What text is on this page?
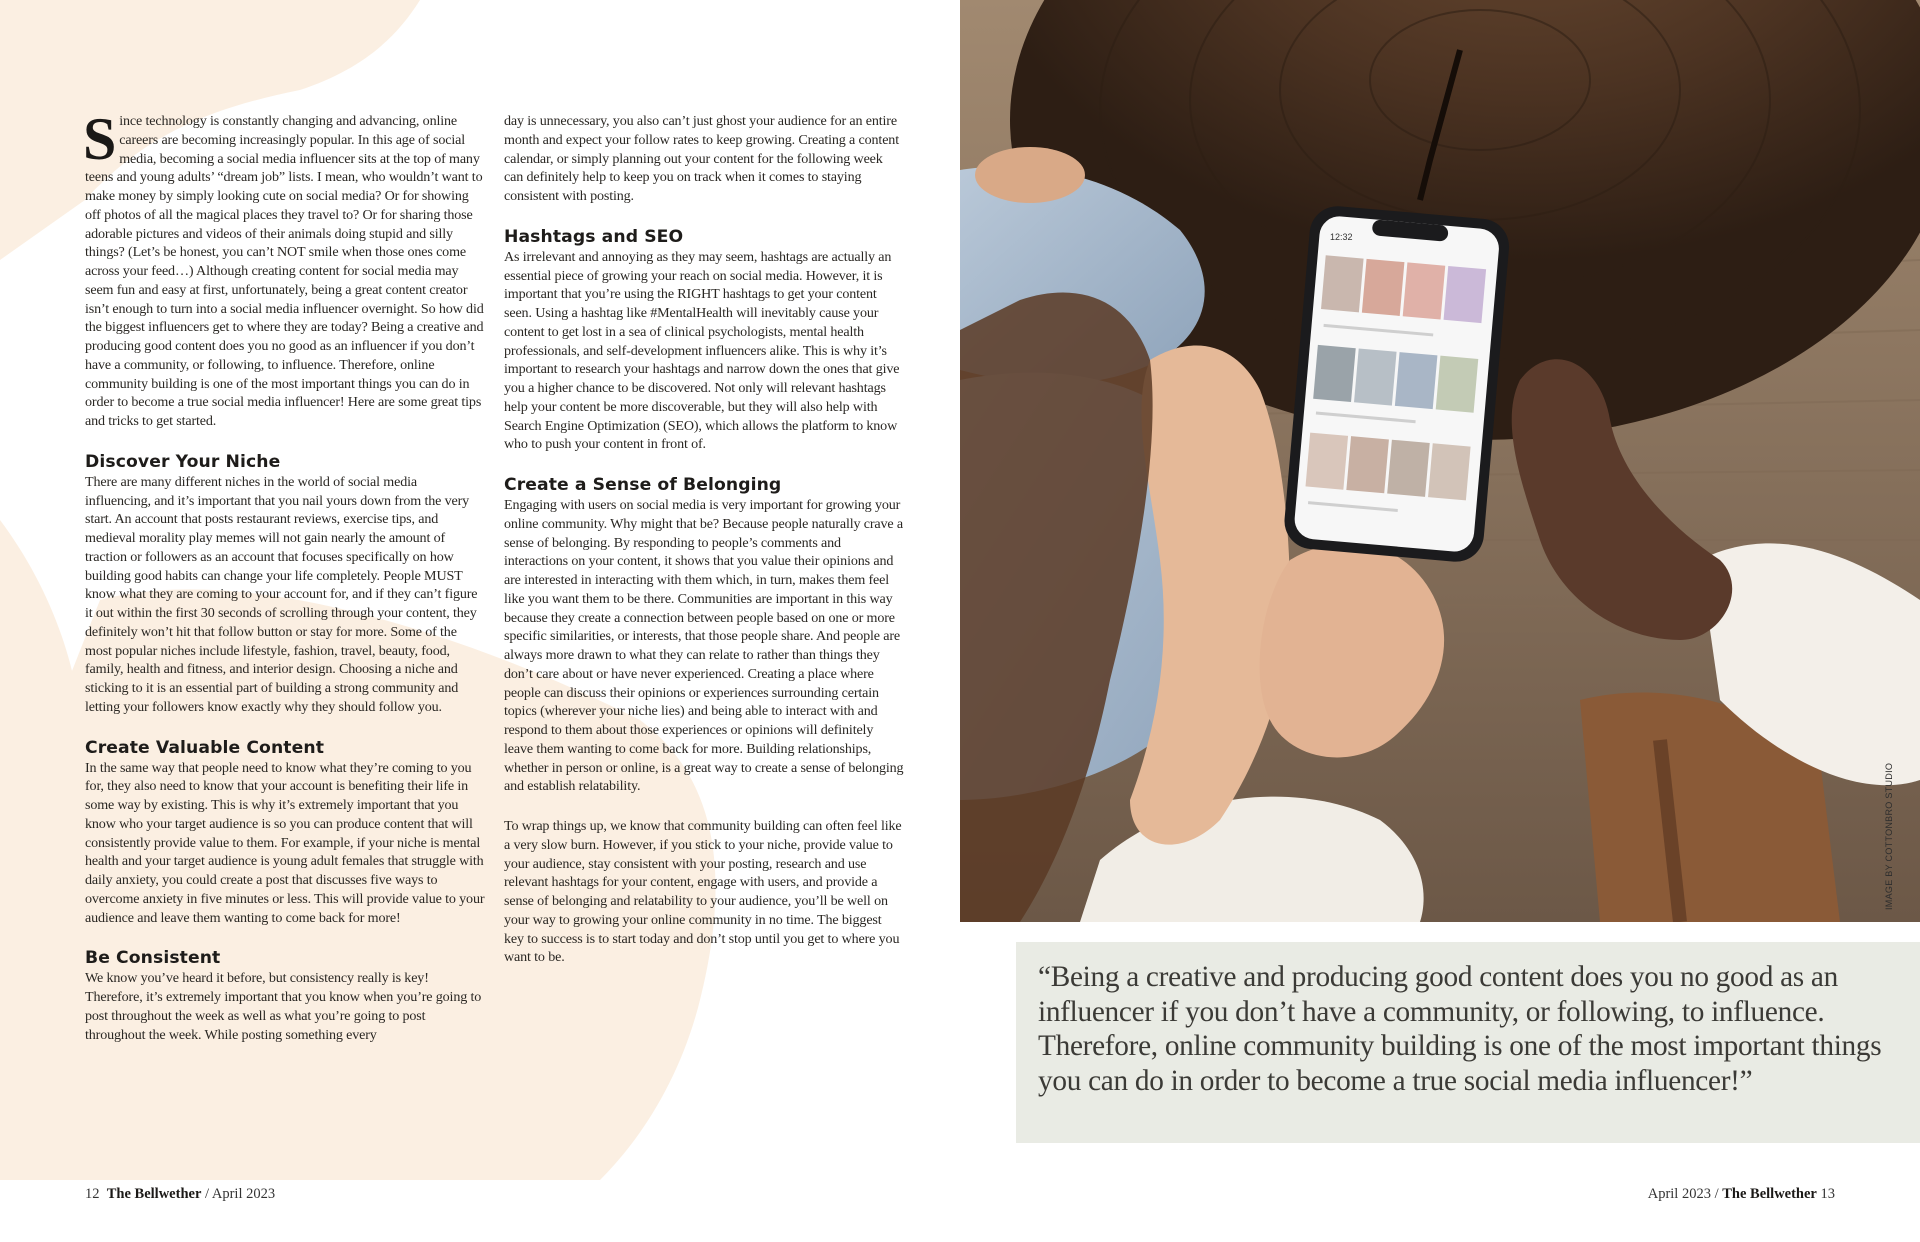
Since technology is constantly changing and advancing, online careers are becoming increasingly popular. In this age of social media, becoming a social media influencer sits at the top of many teens and young adults’ “dream job” lists. I mean, who wouldn’t want to make money by simply looking cute on social media? Or for showing off photos of all the magical places they travel to? Or for sharing those adorable pictures and videos of their animals doing stupid and silly things? (Let’s be honest, you can’t NOT smile when those ones come across your feed…) Although creating content for social media may seem fun and easy at first, unfortunately, being a great content creator isn’t enough to turn into a social media influencer overnight. So how did the biggest influencers get to where they are today? Being a creative and producing good content does you no good as an influencer if you don’t have a community, or following, to influence. Therefore, online community building is one of the most important things you can do in order to become a true social media influencer! Here are some great tips and tricks to get started.

Discover Your Niche

There are many different niches in the world of social media influencing, and it’s important that you nail yours down from the very start. An account that posts restaurant reviews, exercise tips, and medieval morality play memes will not gain nearly the amount of traction or followers as an account that focuses specifically on how building good habits can change your life completely. People MUST know what they are coming to your account for, and if they can’t figure it out within the first 30 seconds of scrolling through your content, they definitely won’t hit that follow button or stay for more. Some of the most popular niches include lifestyle, fashion, travel, beauty, food, family, health and fitness, and interior design. Choosing a niche and sticking to it is an essential part of building a strong community and letting your followers know exactly why they should follow you.

Create Valuable Content

In the same way that people need to know what they’re coming to you for, they also need to know that your account is benefiting their life in some way by existing. This is why it’s extremely important that you know who your target audience is so you can produce content that will consistently provide value to them. For example, if your niche is mental health and your target audience is young adult females that struggle with daily anxiety, you could create a post that discusses five ways to overcome anxiety in five minutes or less. This will provide value to your audience and leave them wanting to come back for more!

Be Consistent

We know you’ve heard it before, but consistency really is key! Therefore, it’s extremely important that you know when you’re going to post throughout the week as well as what you’re going to post throughout the week. While posting something every

day is unnecessary, you also can’t just ghost your audience for an entire month and expect your follow rates to keep growing. Creating a content calendar, or simply planning out your content for the following week can definitely help to keep you on track when it comes to staying consistent with posting.

Hashtags and SEO

As irrelevant and annoying as they may seem, hashtags are actually an essential piece of growing your reach on social media. However, it is important that you’re using the RIGHT hashtags to get your content seen. Using a hashtag like #MentalHealth will inevitably cause your content to get lost in a sea of clinical psychologists, mental health professionals, and self-development influencers alike. This is why it’s important to research your hashtags and narrow down the ones that give you a higher chance to be discovered. Not only will relevant hashtags help your content be more discoverable, but they will also help with Search Engine Optimization (SEO), which allows the platform to know who to push your content in front of.

Create a Sense of Belonging

Engaging with users on social media is very important for growing your online community. Why might that be? Because people naturally crave a sense of belonging. By responding to people’s comments and interactions on your content, it shows that you value their opinions and are interested in interacting with them which, in turn, makes them feel like you want them to be there. Communities are important in this way because they create a connection between people based on one or more specific similarities, or interests, that those people share. And people are always more drawn to what they can relate to rather than things they don’t care about or have never experienced. Creating a place where people can discuss their opinions or experiences surrounding certain topics (wherever your niche lies) and being able to interact with and respond to them about those experiences or opinions will definitely leave them wanting to come back for more. Building relationships, whether in person or online, is a great way to create a sense of belonging and establish relatability.

To wrap things up, we know that community building can often feel like a very slow burn. However, if you stick to your niche, provide value to your audience, stay consistent with your posting, research and use relevant hashtags for your content, engage with users, and provide a sense of belonging and relatability to your audience, you’ll be well on your way to growing your online community in no time. The biggest key to success is to start today and don’t stop until you get to where you want to be.

12 The Bellwether / April 2023
12:32
IMAGE BY COTTONBRO STUDIO

“Being a creative and producing good content does you no good as an influencer if you don’t have a community, or following, to influence. Therefore, online community building is one of the most important things you can do in order to become a true social media influencer!”

April 2023 / The Bellwether 13
